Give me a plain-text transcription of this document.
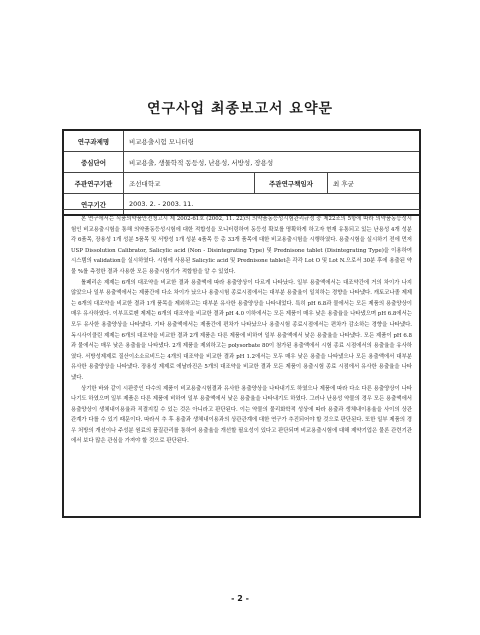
연구사업 최종보고서 요약문
연구과제명	비교용출시험 모니터링		
중심단어	비교용출, 생물학적 동등성, 난용성, 서방성, 장용성		
주관연구기관	조선대학교	주관연구책임자	최 후균
연구기간	2003. 2. - 2003. 11.		

본 연구에서는 식품의약품안전청고시 제 2002-61호 (2002, 11. 22)의 의약품동등성시험관리규정 중 제22조의 5항에 따라 의약품동등성시험인 비교용출시험을 통해 의약품동등성시험에 대한 적합성을 모니터링하여 동등성 확보를 명확하게 하고자 현재 유통되고 있는 난용성 4개 성분 각 6품목, 장용성 1개 성분 5품목 및 서방성 1개 성분 4품목 등 총 33개 품목에 대한 비교용출시험을 시행하였다. 용출시험을 실시하기 전에 먼저 USP Dissolution Calibrator, Salicylic acid (Non - Disintegrating Type) 및 Prednisone tablet (Disintegrating Type)을 이용하여 시스템의 validation을 실시하였다. 시험에 사용된 Salicylic acid 및 Prednisone tablet은 각각 Lot O 및 Lot N.으로서 30분 후에 용출된 약물 %를 측정한 결과 사용한 모든 용출시험기가 적합함을 알 수 있었다.

톨페리손 제제는 6개의 대조약을 비교한 결과 용출액에 따라 용출양상이 다르게 나타났다. 일부 용출액에서는 대조약간에 거의 차이가 나지 않았으나 일부 용출액에서는 제품간에 다소 차이가 났으나 용출시험 종료시점에서는 대부분 용출율이 일치하는 경향을 나타냈다. 캐토코나졸 제제는 6개의 대조약을 비교한 결과 1개 품목을 제외하고는 대부분 유사한 용출양상을 나타내었다. 특히 pH 6.8과 물에서는 모든 제품의 용출양상이 매우 유사하였다. 이부프로펜 제제는 6개의 대조약을 비교한 결과 pH 4.0 이하에서는 모든 제품이 매우 낮은 용출율을 나타냈으며 pH 6.8에서는 모두 유사한 용출양상을 나타냈다. 기타 용출액에서는 제품간에 편차가 나타났으나 용출시험 종료시점에서는 편차가 감소하는 경향을 나타냈다. 독시사이클린 제제는 6개의 대조약을 비교한 결과 2개 제품은 다른 제품에 비하여 일부 용출액에서 낮은 용출율을 나타냈다. 모든 제품이 pH 6.8과 물에서는 매우 낮은 용출율을 나타냈다. 2개 제품을 제외하고는 polysorbate 80이 첨가된 용출액에서 시험 종료 시점에서의 용출율을 유사하였다. 서방성제제로 질산이소소르비드는 4개의 대조약을 비교한 결과 pH 1.2에서는 모두 매우 낮은 용출을 나타냈으나 모든 용출액에서 대부분 유사한 용출양상을 나타냈다. 장용성 제제로 에날라진은 5개의 대조약을 비교한 결과 모든 제품이 용출시험 종료 시점에서 유사한 용출율을 나타냈다.

상기한 바와 같이 시판중인 다수의 제품이 비교용출시험결과 유사한 용출양상을 나타내기도 하였으나 제품에 따라 다소 다른 용출양상이 나타나기도 하였으며 일부 제품은 다른 제품에 비하여 일부 용출액에서 낮은 용출율을 나타내기도 하였다. 그러나 난용성 약물의 경우 모든 용출액에서 용출양상이 생체내이용율과 직결지킬 수 있는 것은 아니라고 판단된다. 이는 약물의 물리화학적 성상에 따라 용출과 생체내이용율을 사이의 상관관계가 다를 수 있기 때문이다. 따라서 추 후 용출과 생체내이용과의 상관관계에 대한 연구가 추진되어야 할 것으로 판단된다. 또한 일부 제품의 경우 처방의 개선이나 주성분 원료의 품질관리를 통하여 용출율을 개선할 필요성이 있다고 판단되며 비교용출시험에 대해 제약기업은 물론 관련기관에서 보다 많은 관심을 가져야 할 것으로 판단된다.

- 2 -
